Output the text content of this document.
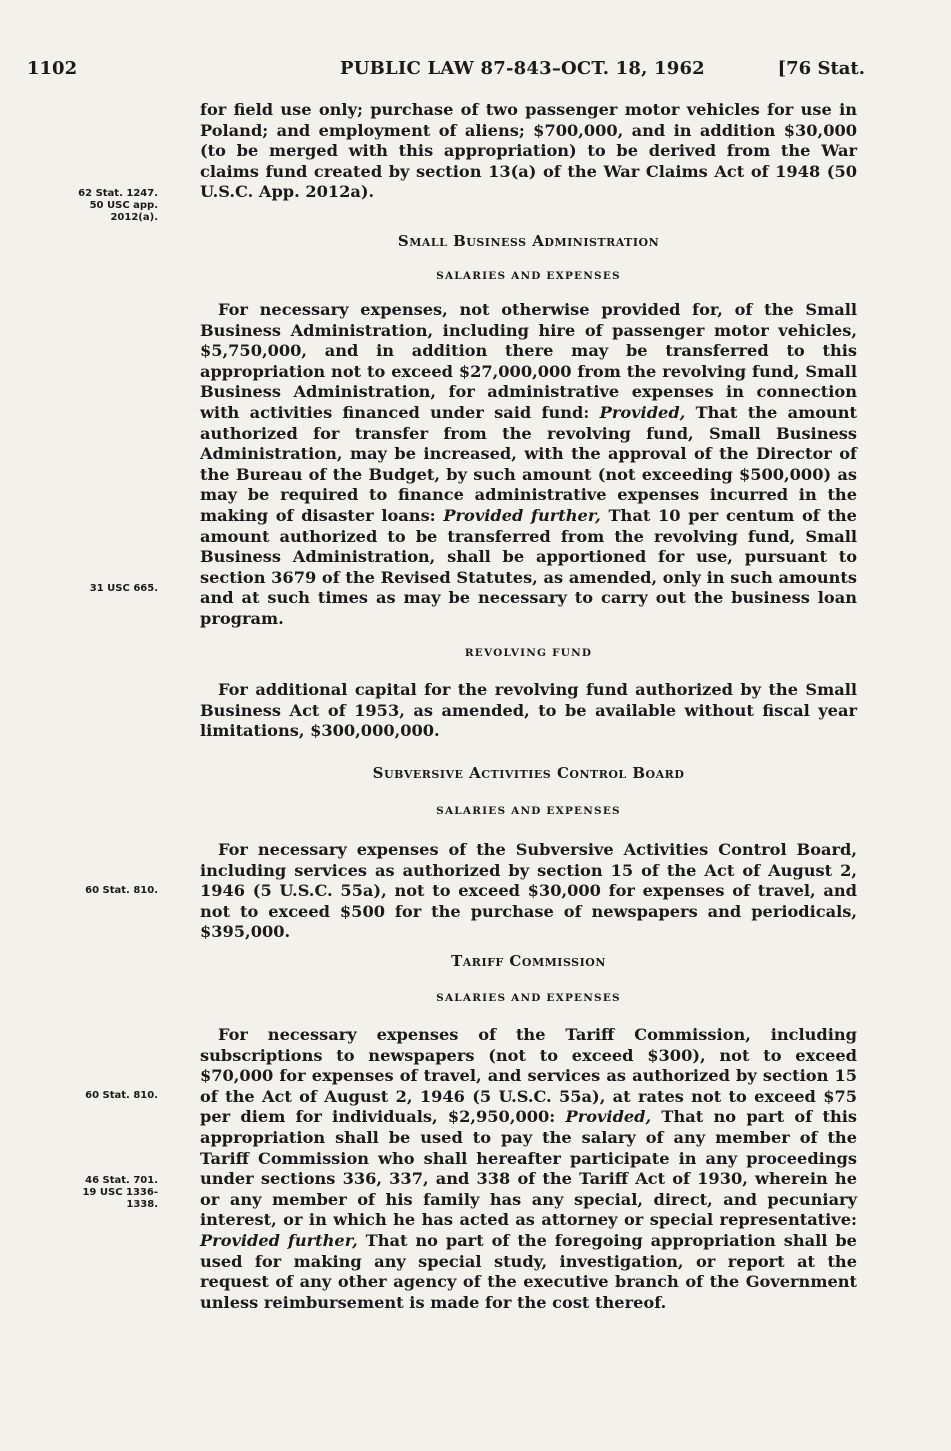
1102	PUBLIC LAW 87-843–OCT. 18, 1962	[76 Stat.

for field use only; purchase of two passenger motor vehicles for use in Poland; and employment of aliens; $700,000, and in addition $30,000 (to be merged with this appropriation) to be derived from the War claims fund created by section 13(a) of the War Claims Act of 1948 (50 U.S.C. App. 2012a).

62 Stat. 1247.
50 USC app.
2012(a).
Small Business Administration
SALARIES AND EXPENSES

For necessary expenses, not otherwise provided for, of the Small Business Administration, including hire of passenger motor vehicles, $5,750,000, and in addition there may be transferred to this appropriation not to exceed $27,000,000 from the revolving fund, Small Business Administration, for administrative expenses in connection with activities financed under said fund: Provided, That the amount authorized for transfer from the revolving fund, Small Business Administration, may be increased, with the approval of the Director of the Bureau of the Budget, by such amount (not exceeding $500,000) as may be required to finance administrative expenses incurred in the making of disaster loans: Provided further, That 10 per centum of the amount authorized to be transferred from the revolving fund, Small Business Administration, shall be apportioned for use, pursuant to section 3679 of the Revised Statutes, as amended, only in such amounts and at such times as may be necessary to carry out the business loan program.

31 USC 665.
REVOLVING FUND

For additional capital for the revolving fund authorized by the Small Business Act of 1953, as amended, to be available without fiscal year limitations, $300,000,000.

Subversive Activities Control Board
SALARIES AND EXPENSES

For necessary expenses of the Subversive Activities Control Board, including services as authorized by section 15 of the Act of August 2, 1946 (5 U.S.C. 55a), not to exceed $30,000 for expenses of travel, and not to exceed $500 for the purchase of newspapers and periodicals, $395,000.

60 Stat. 810.
Tariff Commission
SALARIES AND EXPENSES

For necessary expenses of the Tariff Commission, including subscriptions to newspapers (not to exceed $300), not to exceed $70,000 for expenses of travel, and services as authorized by section 15 of the Act of August 2, 1946 (5 U.S.C. 55a), at rates not to exceed $75 per diem for individuals, $2,950,000: Provided, That no part of this appropriation shall be used to pay the salary of any member of the Tariff Commission who shall hereafter participate in any proceedings under sections 336, 337, and 338 of the Tariff Act of 1930, wherein he or any member of his family has any special, direct, and pecuniary interest, or in which he has acted as attorney or special representative: Provided further, That no part of the foregoing appropriation shall be used for making any special study, investigation, or report at the request of any other agency of the executive branch of the Government unless reimbursement is made for the cost thereof.

60 Stat. 810.
46 Stat. 701.
19 USC 1336-
1338.
